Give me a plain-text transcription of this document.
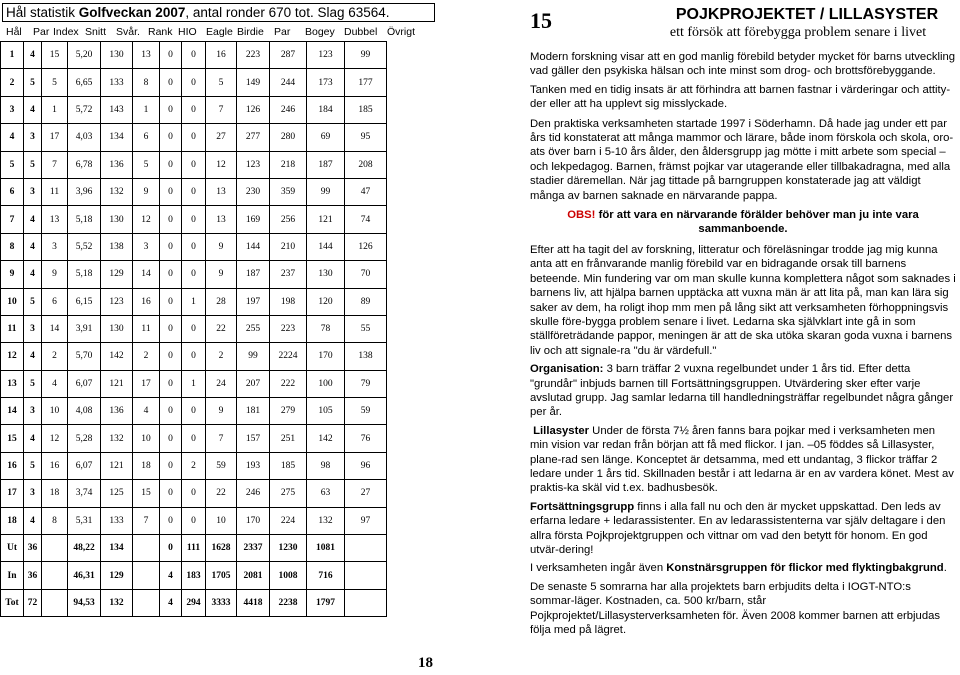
Hål statistik Golfveckan 2007, antal ronder 670 tot. Slag 63564.
Hål Par Index Snitt Svår. Rank HIO Eagle Birdie Par Bogey Dubbel Övrigt
1	4	15	5,20	130	13	0	0	16	223	287	123	99
2	5	5	6,65	133	8	0	0	5	149	244	173	177
3	4	1	5,72	143	1	0	0	7	126	246	184	185
4	3	17	4,03	134	6	0	0	27	277	280	69	95
5	5	7	6,78	136	5	0	0	12	123	218	187	208
6	3	11	3,96	132	9	0	0	13	230	359	99	47
7	4	13	5,18	130	12	0	0	13	169	256	121	74
8	4	3	5,52	138	3	0	0	9	144	210	144	126
9	4	9	5,18	129	14	0	0	9	187	237	130	70
10	5	6	6,15	123	16	0	1	28	197	198	120	89
11	3	14	3,91	130	11	0	0	22	255	223	78	55
12	4	2	5,70	142	2	0	0	2	99	2224	170	138
13	5	4	6,07	121	17	0	1	24	207	222	100	79
14	3	10	4,08	136	4	0	0	9	181	279	105	59
15	4	12	5,28	132	10	0	0	7	157	251	142	76
16	5	16	6,07	121	18	0	2	59	193	185	98	96
17	3	18	3,74	125	15	0	0	22	246	275	63	27
18	4	8	5,31	133	7	0	0	10	170	224	132	97
Ut	36		48,22	134		0	111	1628	2337	1230	1081	
In	36		46,31	129		4	183	1705	2081	1008	716	
Tot	72		94,53	132		4	294	3333	4418	2238	1797	
18
15	POJKPROJEKTET / LILLASYSTER
ett försök att förebygga problem senare i livet

Modern forskning visar att en god manlig förebild betyder mycket för barns utveckling vad gäller den psykiska hälsan och inte minst som drog- och brottsförebyggande.

Tanken med en tidig insats är att förhindra att barnen fastnar i värderingar och attity-der eller att ha upplevt sig misslyckade.

Den praktiska verksamheten startade 1997 i Söderhamn. Då hade jag under ett par års tid konstaterat att många mammor och lärare, både inom förskola och skola, oro-ats över barn i 5-10 års ålder, den åldersgrupp jag mötte i mitt arbete som special – och lekpedagog. Barnen, främst pojkar var utagerande eller tillbakadragna, med alla stadier däremellan. När jag tittade på barngruppen konstaterade jag att väldigt många av barnen saknade en närvarande pappa.

OBS! för att vara en närvarande förälder behöver man ju inte vara sammanboende.

Efter att ha tagit del av forskning, litteratur och föreläsningar trodde jag mig kunna anta att en frånvarande manlig förebild var en bidragande orsak till barnens beteende. Min fundering var om man skulle kunna komplettera något som saknades i barnens liv, att hjälpa barnen upptäcka att vuxna män är att lita på, man kan lära sig saker av dem, ha roligt ihop mm men på lång sikt att verksamheten förhoppningsvis skulle före-bygga problem senare i livet. Ledarna ska självklart inte gå in som ställföreträdande pappor, meningen är att de ska utöka skaran goda vuxna i barnens liv och att signale-ra "du är värdefull."

Organisation: 3 barn träffar 2 vuxna regelbundet under 1 års tid. Efter detta "grundår" inbjuds barnen till Fortsättningsgruppen. Utvärdering sker efter varje avslutad grupp. Jag samlar ledarna till handledningsträffar regelbundet några gånger per år.

Lillasyster Under de första 7½ åren fanns bara pojkar med i verksamheten men min vision var redan från början att få med flickor. I jan. –05 föddes så Lillasyster, plane-rad sen länge. Konceptet är detsamma, med ett undantag, 3 flickor träffar 2 ledare under 1 års tid. Skillnaden består i att ledarna är en av vardera könet. Mest av praktis-ka skäl vid t.ex. badhusbesök.

Fortsättningsgrupp finns i alla fall nu och den är mycket uppskattad. Den leds av erfarna ledare + ledarassistenter. En av ledarassistenterna var själv deltagare i den allra första Pojkprojektgruppen och vittnar om vad den betytt för honom. En god utvär-dering!

I verksamheten ingår även Konstnärsgruppen för flickor med flyktingbakgrund.

De senaste 5 somrarna har alla projektets barn erbjudits delta i IOGT-NTO:s sommar-läger. Kostnaden, ca. 500 kr/barn, står Pojkprojektet/Lillasysterverksamheten för. Även 2008 kommer barnen att erbjudas följa med på lägret.
